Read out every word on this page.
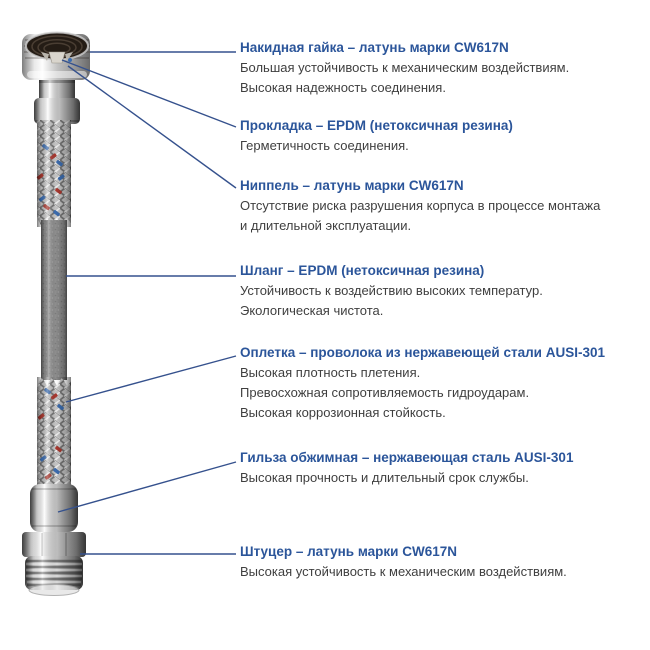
Накидная гайка – латунь марки CW617N
Большая устойчивость к механическим воздействиям.
Высокая надежность соединения.
Прокладка – EPDM (нетоксичная резина)
Герметичность соединения.
Ниппель – латунь марки CW617N
Отсутствие риска разрушения корпуса в процессе монтажа
и длительной эксплуатации.
Шланг – EPDM (нетоксичная резина)
Устойчивость к воздействию высоких температур.
Экологическая чистота.
Оплетка – проволока из нержавеющей стали AUSI-301
Высокая плотность плетения.
Превосхожная сопротивляемость гидроударам.
Высокая коррозионная стойкость.
Гильза обжимная – нержавеющая сталь AUSI-301
Высокая прочность и длительный срок службы.
Штуцер – латунь марки CW617N
Высокая устойчивость к механическим воздействиям.
